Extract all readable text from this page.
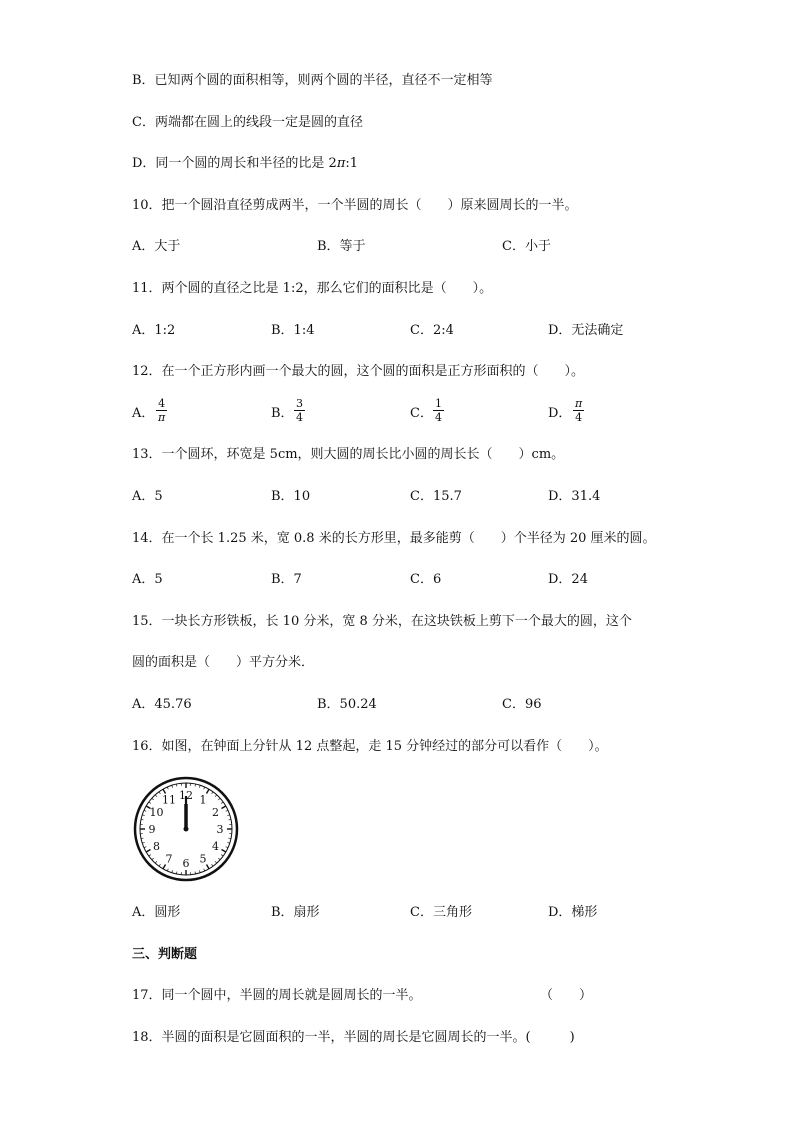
B．已知两个圆的面积相等，则两个圆的半径，直径不一定相等
C．两端都在圆上的线段一定是圆的直径
D．同一个圆的周长和半径的比是 2π:1
10．把一个圆沿直径剪成两半，一个半圆的周长（　　）原来圆周长的一半。
A．大于	B．等于	C．小于
11．两个圆的直径之比是 1:2，那么它们的面积比是（　　）。
A．1:2	B．1:4	C．2:4	D．无法确定
12．在一个正方形内画一个最大的圆，这个圆的面积是正方形面积的（　　）。
A． $\frac{4}{\pi}$	B． $\frac{3}{4}$	C． $\frac{1}{4}$	D． $\frac{\pi}{4}$
13．一个圆环，环宽是 5cm，则大圆的周长比小圆的周长长（　　）cm。
A．5	B．10	C．15.7	D．31.4
14．在一个长 1.25 米，宽 0.8 米的长方形里，最多能剪（　　）个半径为 20 厘米的圆。
A．5	B．7	C．6	D．24
15．一块长方形铁板，长 10 分米，宽 8 分米，在这块铁板上剪下一个最大的圆，这个
圆的面积是（　　）平方分米．
A．45.76	B．50.24	C．96
16．如图，在钟面上分针从 12 点整起，走 15 分钟经过的部分可以看作（　　）。
12 1
2
3
4
5
6
7
8
9
10
11
A．圆形	B．扇形	C．三角形	D．梯形
三、判断题
17．同一个圆中，半圆的周长就是圆周长的一半。	（　　）
18．半圆的面积是它圆面积的一半，半圆的周长是它圆周长的一半。(　　　)
